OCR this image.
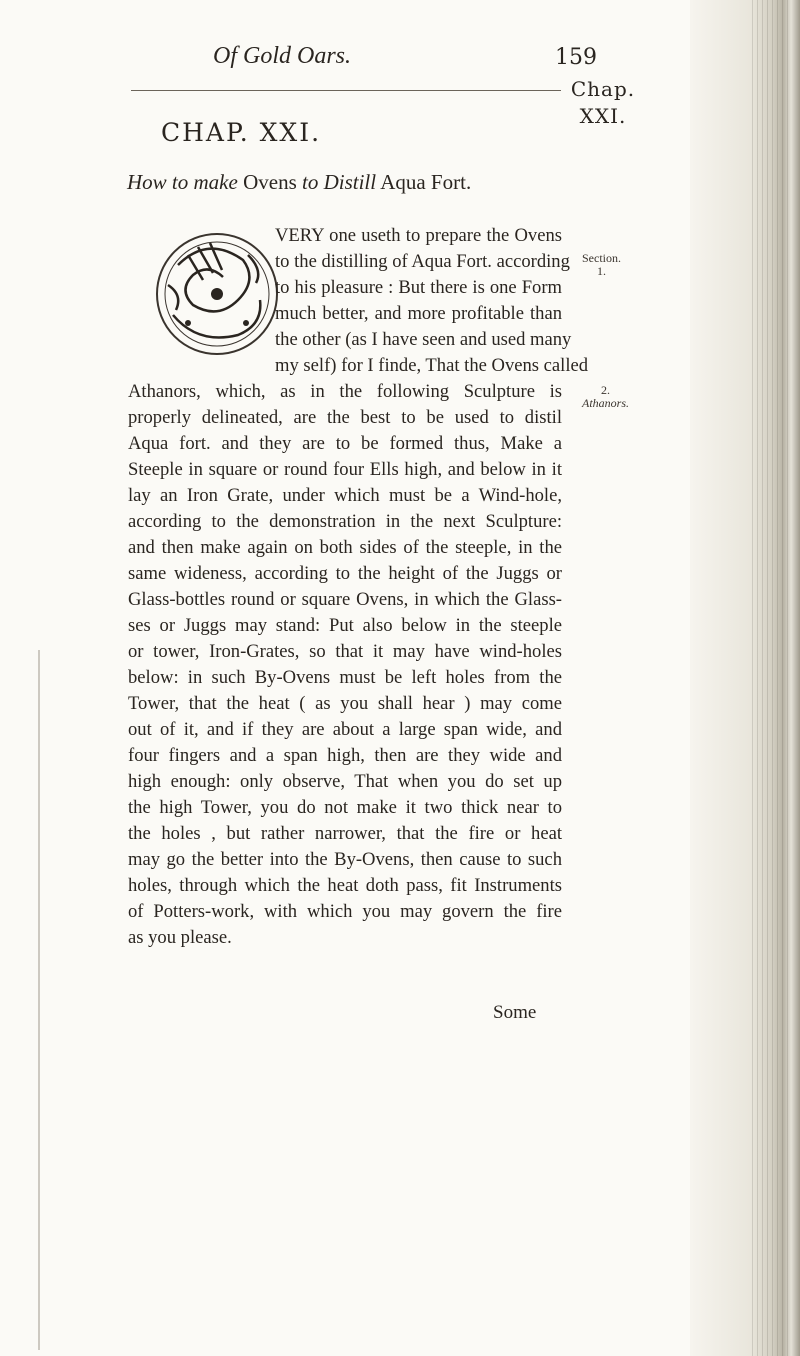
Of Gold Oars.	159
Chap.
XXI.
CHAP. XXI.
How to make Ovens to Distill Aqua Fort.
Section.
1.
2.
Athanors.
VERY one useth to prepare the Ovens
to the distilling of Aqua Fort. according
to his pleasure : But there is one Form
much better, and more profitable than
the other (as I have seen and used many
my self) for I finde, That the Ovens called
Athanors, which, as in the following Sculpture is
properly delineated, are the best to be used to distil
Aqua fort. and they are to be formed thus, Make a
Steeple in square or round four Ells high, and below in it
lay an Iron Grate, under which must be a Wind-hole,
according to the demonstration in the next Sculpture:
and then make again on both sides of the steeple, in the
same wideness, according to the height of the Juggs or
Glass-bottles round or square Ovens, in which the Glass-
ses or Juggs may stand: Put also below in the steeple
or tower, Iron-Grates, so that it may have wind-holes
below: in such By-Ovens must be left holes from the
Tower, that the heat ( as you shall hear ) may come
out of it, and if they are about a large span wide, and
four fingers and a span high, then are they wide and
high enough: only observe, That when you do set up
the high Tower, you do not make it two thick near to
the holes , but rather narrower, that the fire or heat
may go the better into the By-Ovens, then cause to such
holes, through which the heat doth pass, fit Instruments
of Potters-work, with which you may govern the fire
as you please.
Some
